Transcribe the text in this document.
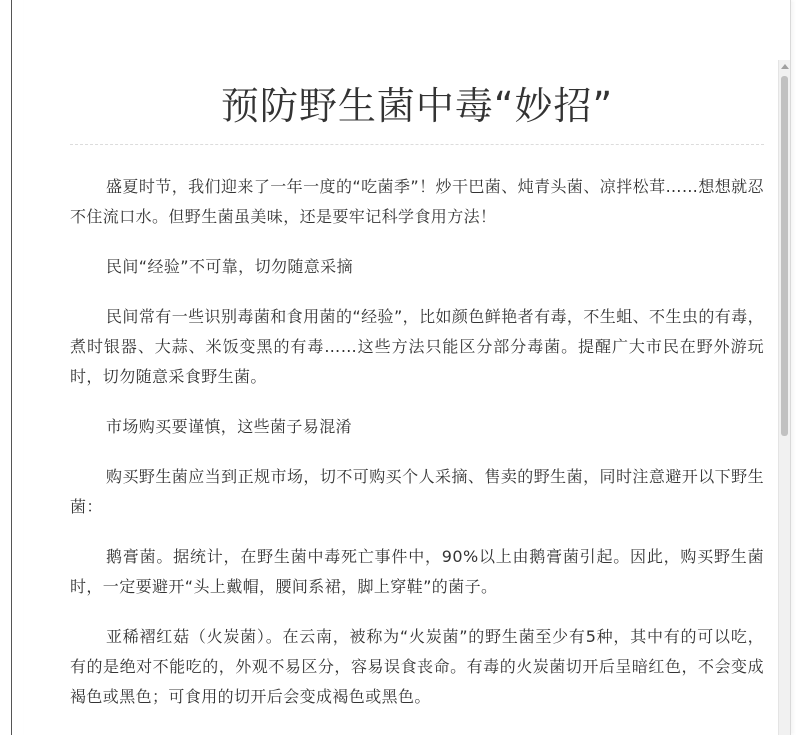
预防野生菌中毒“妙招”

盛夏时节，我们迎来了一年一度的“吃菌季”！炒干巴菌、炖青头菌、凉拌松茸……想想就忍不住流口水。但野生菌虽美味，还是要牢记科学食用方法！

民间“经验”不可靠，切勿随意采摘

民间常有一些识别毒菌和食用菌的“经验”，比如颜色鲜艳者有毒，不生蛆、不生虫的有毒，煮时银器、大蒜、米饭变黑的有毒……这些方法只能区分部分毒菌。提醒广大市民在野外游玩时，切勿随意采食野生菌。

市场购买要谨慎，这些菌子易混淆

购买野生菌应当到正规市场，切不可购买个人采摘、售卖的野生菌，同时注意避开以下野生菌：

鹅膏菌。据统计，在野生菌中毒死亡事件中，90%以上由鹅膏菌引起。因此，购买野生菌时，一定要避开“头上戴帽，腰间系裙，脚上穿鞋”的菌子。

亚稀褶红菇（火炭菌）。在云南，被称为“火炭菌”的野生菌至少有5种，其中有的可以吃，有的是绝对不能吃的，外观不易区分，容易误食丧命。有毒的火炭菌切开后呈暗红色，不会变成褐色或黑色；可食用的切开后会变成褐色或黑色。
